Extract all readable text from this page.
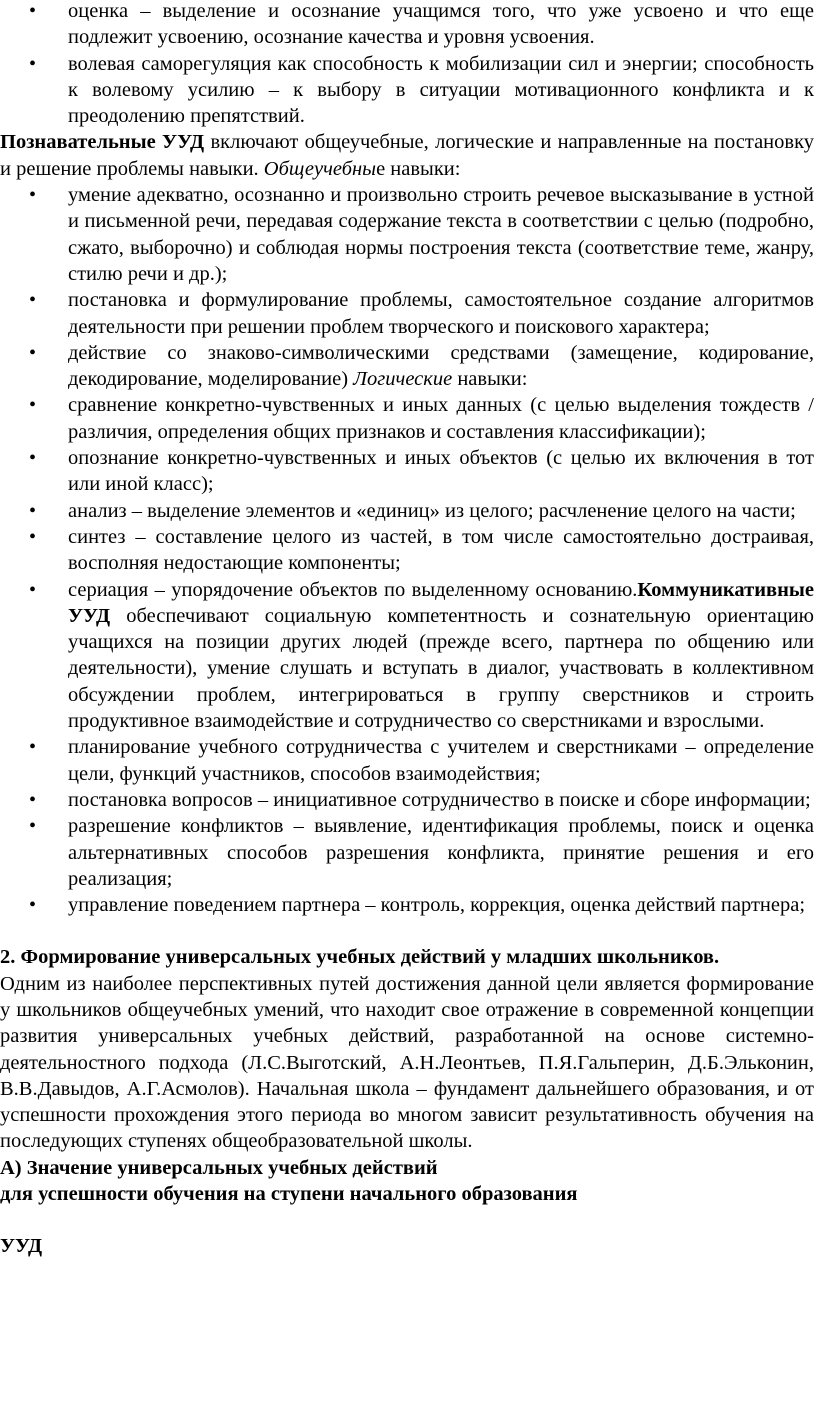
• оценка – выделение и осознание учащимся того, что уже усвоено и что еще подлежит усвоению, осознание качества и уровня усвоения.
• волевая саморегуляция как способность к мобилизации сил и энергии; способность к волевому усилию – к выбору в ситуации мотивационного конфликта и к преодолению препятствий.

Познавательные УУД включают общеучебные, логические и направленные на постановку и решение проблемы навыки. Общеучебные навыки:

• умение адекватно, осознанно и произвольно строить речевое высказывание в устной и письменной речи, передавая содержание текста в соответствии с целью (подробно, сжато, выборочно) и соблюдая нормы построения текста (соответствие теме, жанру, стилю речи и др.);
• постановка и формулирование проблемы, самостоятельное создание алгоритмов деятельности при решении проблем творческого и поискового характера;
• действие со знаково-символическими средствами (замещение, кодирование, декодирование, моделирование) Логические навыки:
• сравнение конкретно-чувственных и иных данных (с целью выделения тождеств / различия, определения общих признаков и составления классификации);
• опознание конкретно-чувственных и иных объектов (с целью их включения в тот или иной класс);
• анализ – выделение элементов и «единиц» из целого; расчленение целого на части;
• синтез – составление целого из частей, в том числе самостоятельно достраивая, восполняя недостающие компоненты;
• сериация – упорядочение объектов по выделенному основанию.Коммуникативные УУД обеспечивают социальную компетентность и сознательную ориентацию учащихся на позиции других людей (прежде всего, партнера по общению или деятельности), умение слушать и вступать в диалог, участвовать в коллективном обсуждении проблем, интегрироваться в группу сверстников и строить продуктивное взаимодействие и сотрудничество со сверстниками и взрослыми.
• планирование учебного сотрудничества с учителем и сверстниками – определение цели, функций участников, способов взаимодействия;
• постановка вопросов – инициативное сотрудничество в поиске и сборе информации;
• разрешение конфликтов – выявление, идентификация проблемы, поиск и оценка альтернативных способов разрешения конфликта, принятие решения и его реализация;
• управление поведением партнера – контроль, коррекция, оценка действий партнера;
2. Формирование универсальных учебных действий у младших школьников.

Одним из наиболее перспективных путей достижения данной цели является формирование у школьников общеучебных умений, что находит свое отражение в современной концепции развития универсальных учебных действий, разработанной на основе системно-деятельностного подхода (Л.С.Выготский, А.Н.Леонтьев, П.Я.Гальперин, Д.Б.Эльконин, В.В.Давыдов, А.Г.Асмолов). Начальная школа – фундамент дальнейшего образования, и от успешности прохождения этого периода во многом зависит результативность обучения на последующих ступенях общеобразовательной школы.

А) Значение универсальных учебных действий
для успешности обучения на ступени начального образования
УУД
